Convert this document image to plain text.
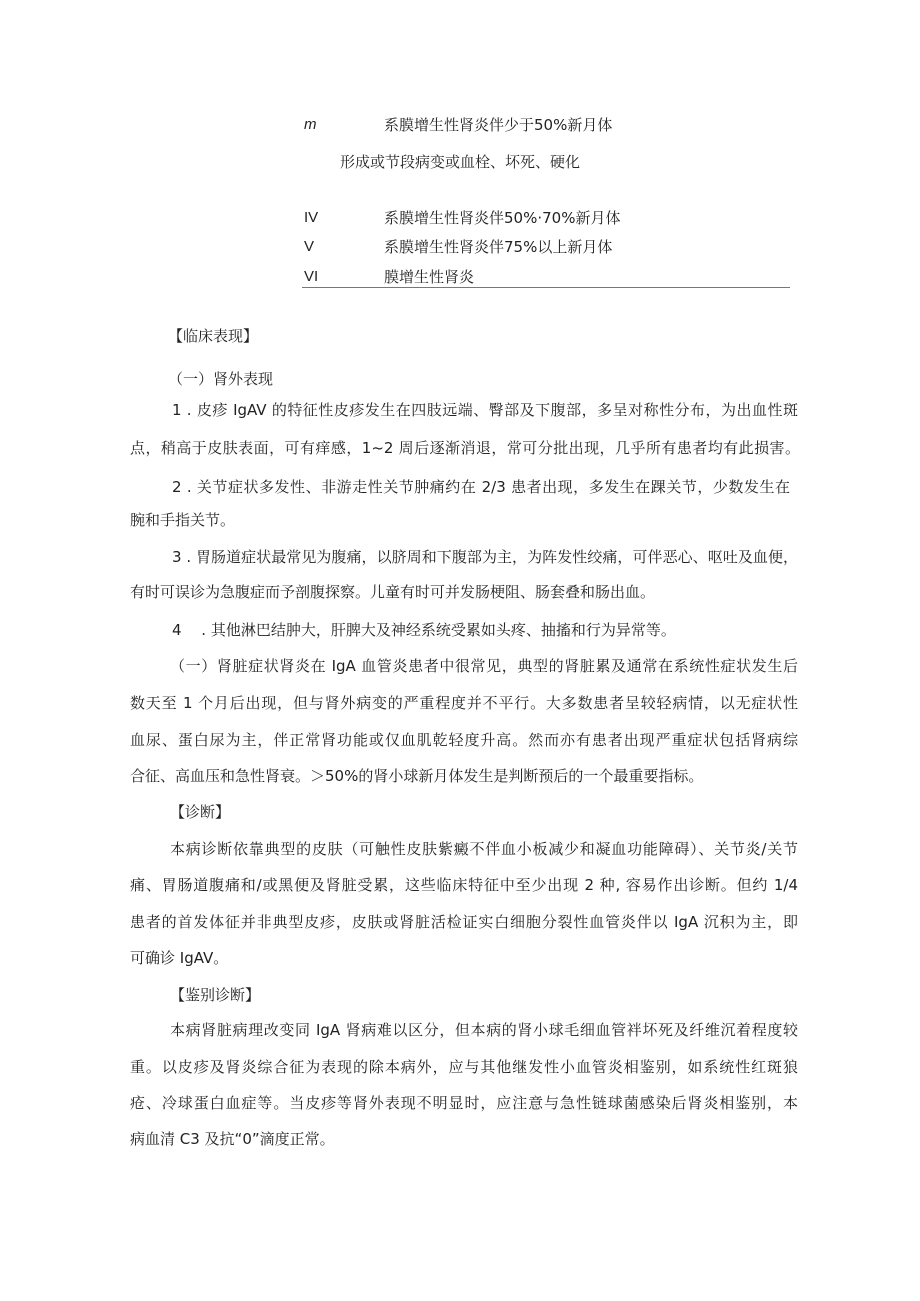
m	系膜增生性肾炎伴少于50%新月体
形成或节段病变或血栓、坏死、硬化
IV	系膜增生性肾炎伴50%·70%新月体
V	系膜增生性肾炎伴75%以上新月体
VI	膜增生性肾炎
【临床表现】
（一）肾外表现
1 . 皮疹 IgAV 的特征性皮疹发生在四肢远端、臀部及下腹部，多呈对称性分布，为出血性斑
点，稍高于皮肤表面，可有痒感，1~2 周后逐渐消退，常可分批出现，几乎所有患者均有此损害。
2 . 关节症状多发性、非游走性关节肿痛约在 2/3 患者出现，多发生在踝关节，少数发生在
腕和手指关节。
3 . 胃肠道症状最常见为腹痛，以脐周和下腹部为主，为阵发性绞痛，可伴恶心、呕吐及血便，
有时可误诊为急腹症而予剖腹探察。儿童有时可并发肠梗阻、肠套叠和肠出血。
4　 . 其他淋巴结肿大，肝脾大及神经系统受累如头疼、抽搐和行为异常等。
（一）肾脏症状肾炎在 IgA 血管炎患者中很常见，典型的肾脏累及通常在系统性症状发生后
数天至 1 个月后出现，但与肾外病变的严重程度并不平行。大多数患者呈较轻病情，以无症状性
血尿、蛋白尿为主，伴正常肾功能或仅血肌乾轻度升高。然而亦有患者出现严重症状包括肾病综
合征、高血压和急性肾衰。＞50%的肾小球新月体发生是判断预后的一个最重要指标。
【诊断】
本病诊断依靠典型的皮肤（可触性皮肤紫癜不伴血小板减少和凝血功能障碍）、关节炎/关节
痛、胃肠道腹痛和/或黑便及肾脏受累，这些临床特征中至少出现 2 种, 容易作出诊断。但约 1/4
患者的首发体征并非典型皮疹，皮肤或肾脏活检证实白细胞分裂性血管炎伴以 IgA 沉积为主，即
可确诊 IgAV。
【鉴别诊断】
本病肾脏病理改变同 IgA 肾病难以区分，但本病的肾小球毛细血管袢坏死及纤维沉着程度较
重。以皮疹及肾炎综合征为表现的除本病外，应与其他继发性小血管炎相鉴别，如系统性红斑狼
疮、冷球蛋白血症等。当皮疹等肾外表现不明显时，应注意与急性链球菌感染后肾炎相鉴别，本
病血清 C3 及抗“0”滴度正常。
